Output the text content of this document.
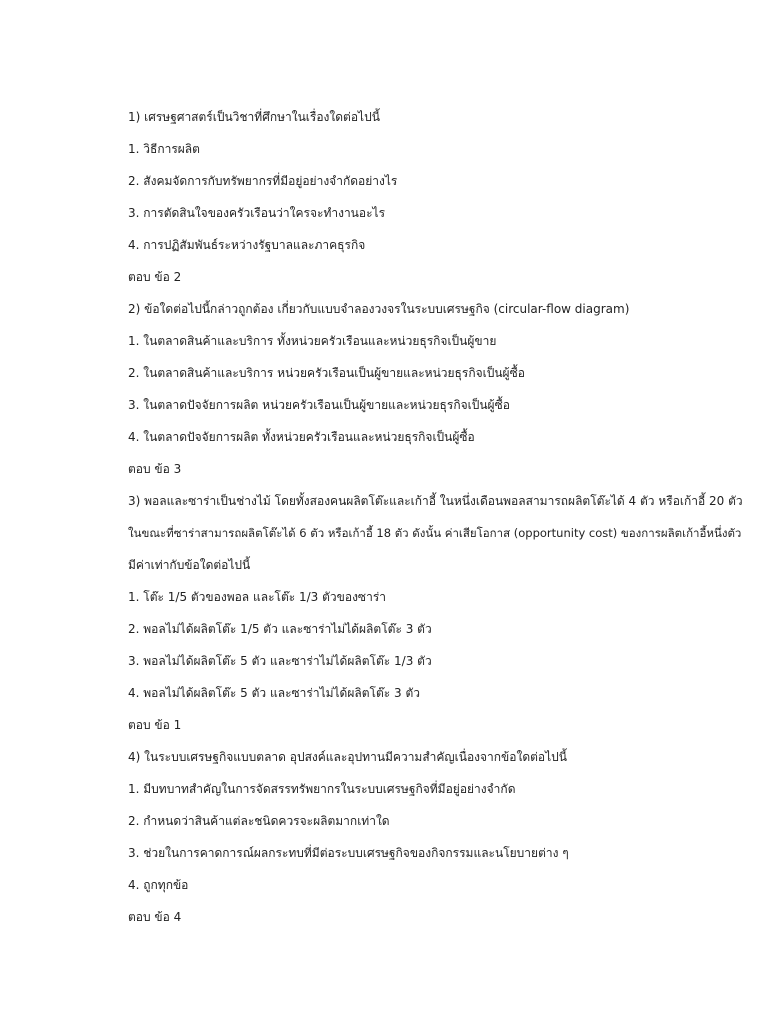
1) เศรษฐศาสตร์เป็นวิชาที่ศึกษาในเรื่องใดต่อไปนี้
1. วิธีการผลิต
2. สังคมจัดการกับทรัพยากรที่มีอยู่อย่างจำกัดอย่างไร
3. การตัดสินใจของครัวเรือนว่าใครจะทำงานอะไร
4. การปฏิสัมพันธ์ระหว่างรัฐบาลและภาคธุรกิจ
ตอบ ข้อ 2
2) ข้อใดต่อไปนี้กล่าวถูกต้อง เกี่ยวกับแบบจำลองวงจรในระบบเศรษฐกิจ (circular-flow diagram)
1. ในตลาดสินค้าและบริการ ทั้งหน่วยครัวเรือนและหน่วยธุรกิจเป็นผู้ขาย
2. ในตลาดสินค้าและบริการ หน่วยครัวเรือนเป็นผู้ขายและหน่วยธุรกิจเป็นผู้ซื้อ
3. ในตลาดปัจจัยการผลิต หน่วยครัวเรือนเป็นผู้ขายและหน่วยธุรกิจเป็นผู้ซื้อ
4. ในตลาดปัจจัยการผลิต ทั้งหน่วยครัวเรือนและหน่วยธุรกิจเป็นผู้ซื้อ
ตอบ ข้อ 3
3) พอลและซาร่าเป็นช่างไม้ โดยทั้งสองคนผลิตโต๊ะและเก้าอี้ ในหนึ่งเดือนพอลสามารถผลิตโต๊ะได้ 4 ตัว หรือเก้าอี้ 20 ตัว
ในขณะที่ซาร่าสามารถผลิตโต๊ะได้ 6 ตัว หรือเก้าอี้ 18 ตัว ดังนั้น ค่าเสียโอกาส (opportunity cost) ของการผลิตเก้าอี้หนึ่งตัว
มีค่าเท่ากับข้อใดต่อไปนี้
1. โต๊ะ 1/5 ตัวของพอล และโต๊ะ 1/3 ตัวของซาร่า
2. พอลไม่ได้ผลิตโต๊ะ 1/5 ตัว และซาร่าไม่ได้ผลิตโต๊ะ 3 ตัว
3. พอลไม่ได้ผลิตโต๊ะ 5 ตัว และซาร่าไม่ได้ผลิตโต๊ะ 1/3 ตัว
4. พอลไม่ได้ผลิตโต๊ะ 5 ตัว และซาร่าไม่ได้ผลิตโต๊ะ 3 ตัว
ตอบ ข้อ 1
4) ในระบบเศรษฐกิจแบบตลาด อุปสงค์และอุปทานมีความสำคัญเนื่องจากข้อใดต่อไปนี้
1. มีบทบาทสำคัญในการจัดสรรทรัพยากรในระบบเศรษฐกิจที่มีอยู่อย่างจำกัด
2. กำหนดว่าสินค้าแต่ละชนิดควรจะผลิตมากเท่าใด
3. ช่วยในการคาดการณ์ผลกระทบที่มีต่อระบบเศรษฐกิจของกิจกรรมและนโยบายต่าง ๆ
4. ถูกทุกข้อ
ตอบ ข้อ 4
